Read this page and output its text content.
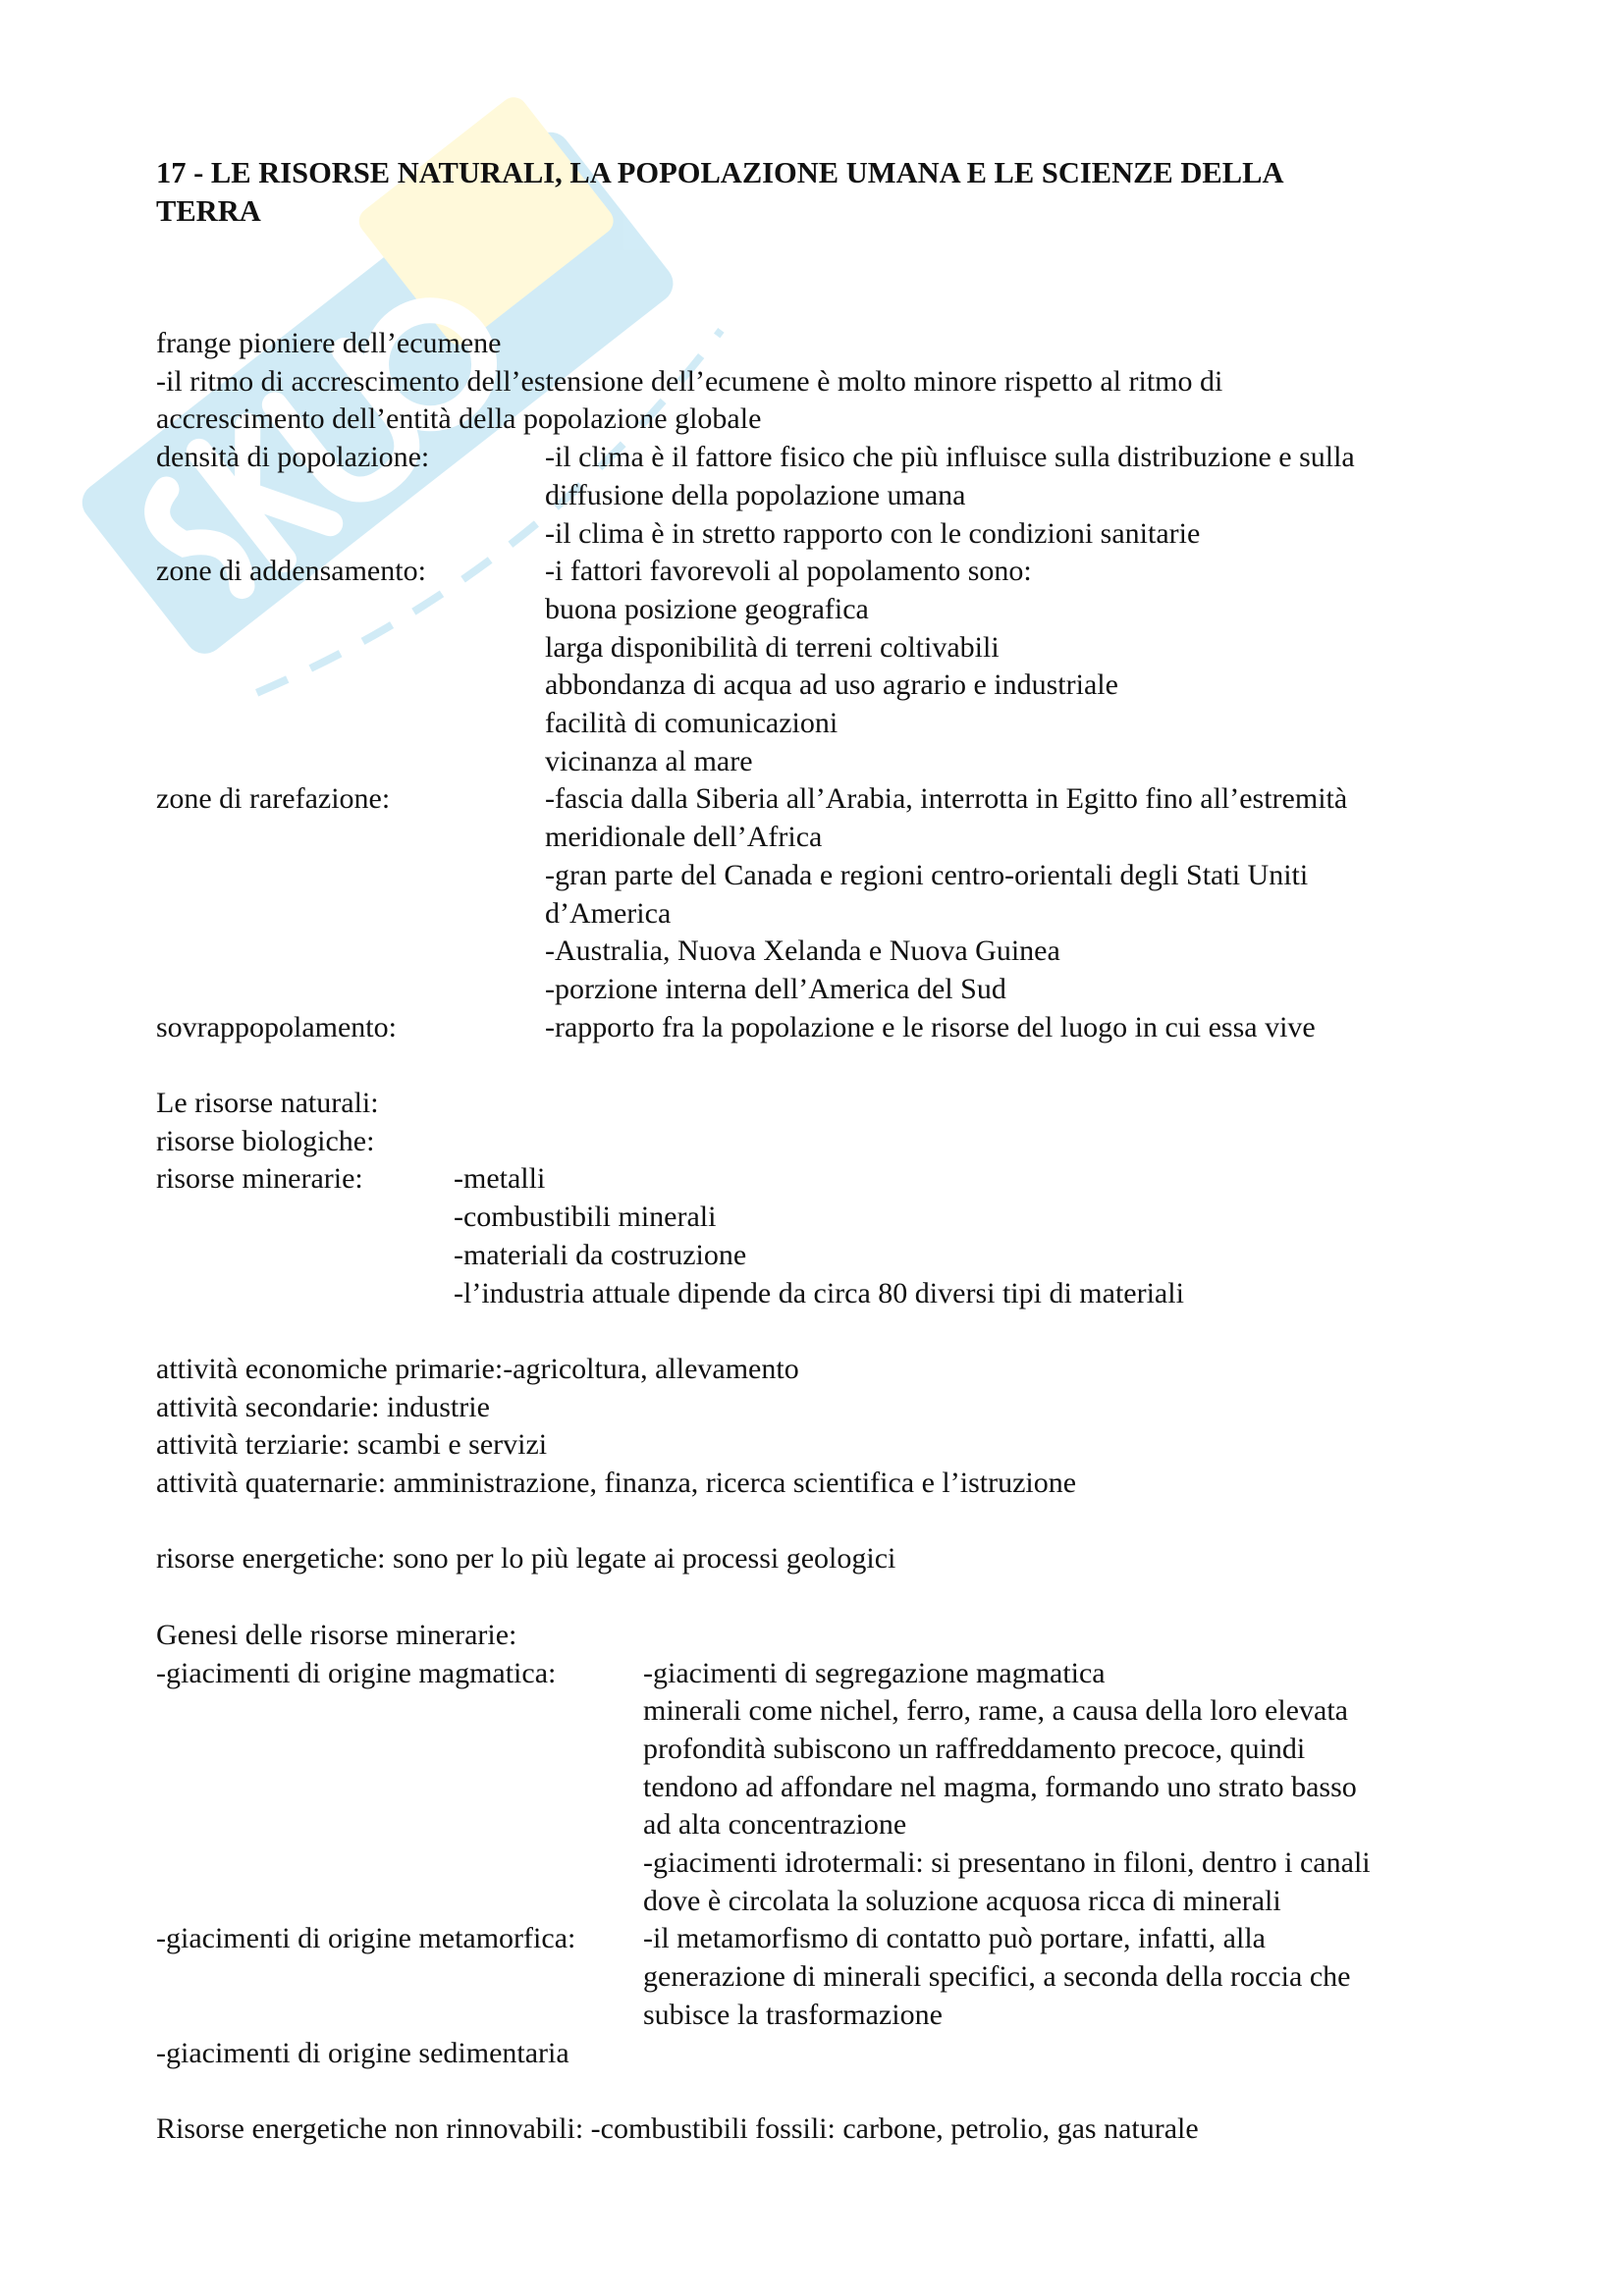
17 - LE RISORSE NATURALI, LA POPOLAZIONE UMANA E LE SCIENZE DELLA
TERRA
frange pioniere dell’ecumene
-il ritmo di accrescimento dell’estensione dell’ecumene è molto minore rispetto al ritmo di
accrescimento dell’entità della popolazione globale
densità di popolazione:	-il clima è il fattore fisico che più influisce sulla distribuzione e sulla
diffusione della popolazione umana
-il clima è in stretto rapporto con le condizioni sanitarie
zone di addensamento:	-i fattori favorevoli al popolamento sono:
buona posizione geografica
larga disponibilità di terreni coltivabili
abbondanza di acqua ad uso agrario e industriale
facilità di comunicazioni
vicinanza al mare
zone di rarefazione:	-fascia dalla Siberia all’Arabia, interrotta in Egitto fino all’estremità
meridionale dell’Africa
-gran parte del Canada e regioni centro-orientali degli Stati Uniti
d’America
-Australia, Nuova Xelanda e Nuova Guinea
-porzione interna dell’America del Sud
sovrappopolamento:	-rapporto fra la popolazione e le risorse del luogo in cui essa vive
Le risorse naturali:
risorse biologiche:
risorse minerarie:	-metalli
-combustibili minerali
-materiali da costruzione
-l’industria attuale dipende da circa 80 diversi tipi di materiali
attività economiche primarie:-agricoltura, allevamento
attività secondarie: industrie
attività terziarie: scambi e servizi
attività quaternarie: amministrazione, finanza, ricerca scientifica e l’istruzione
risorse energetiche: sono per lo più legate ai processi geologici
Genesi delle risorse minerarie:
-giacimenti di origine magmatica:	-giacimenti di segregazione magmatica
minerali come nichel, ferro, rame, a causa della loro elevata
profondità subiscono un raffreddamento precoce, quindi
tendono ad affondare nel magma, formando uno strato basso
ad alta concentrazione
-giacimenti idrotermali: si presentano in filoni, dentro i canali
dove è circolata la soluzione acquosa ricca di minerali
-giacimenti di origine metamorfica:	-il metamorfismo di contatto può portare, infatti, alla
generazione di minerali specifici, a seconda della roccia che
subisce la trasformazione
-giacimenti di origine sedimentaria
Risorse energetiche non rinnovabili: -combustibili fossili: carbone, petrolio, gas naturale
